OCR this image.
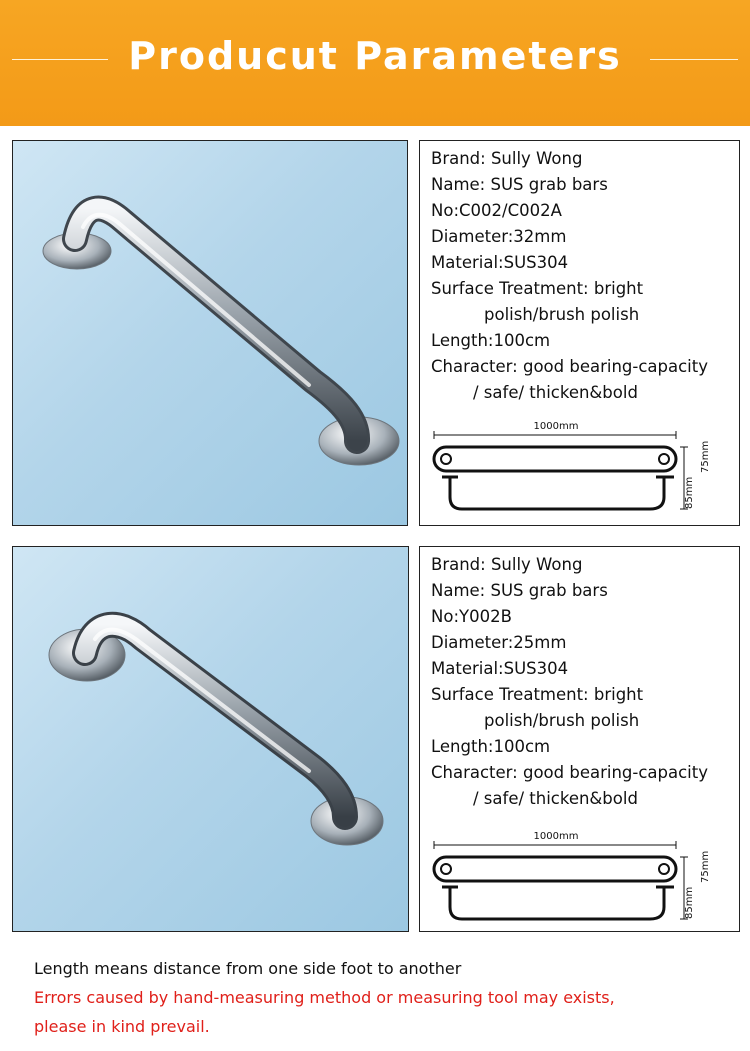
Producut Parameters
Brand: Sully Wong
Name: SUS grab bars
No:C002/C002A
Diameter:32mm
Material:SUS304
Surface Treatment: bright
polish/brush polish
Length:100cm
Character: good bearing-capacity
/ safe/ thicken&bold
1000mm
75mm
85mm
Brand: Sully Wong
Name: SUS grab bars
No:Y002B
Diameter:25mm
Material:SUS304
Surface Treatment: bright
polish/brush polish
Length:100cm
Character: good bearing-capacity
/ safe/ thicken&bold
1000mm
75mm
85mm
Length means distance from one side foot to another
Errors caused by hand-measuring method or measuring tool may exists,
please in kind prevail.
